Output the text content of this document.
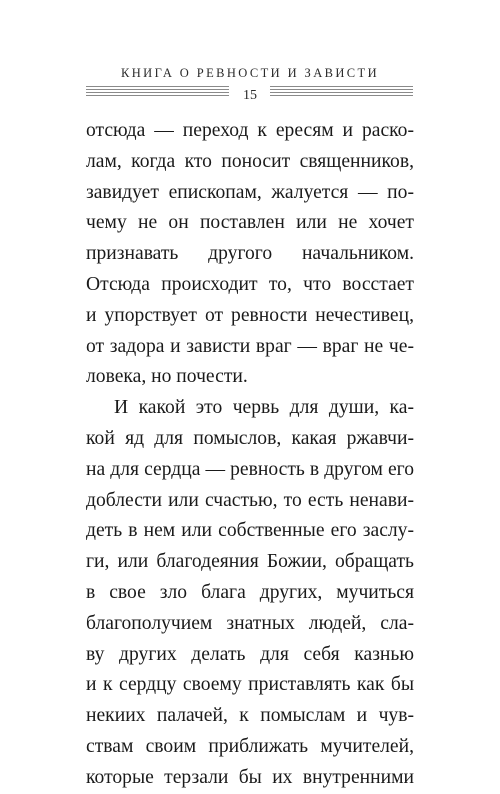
КНИГА О РЕВНОСТИ И ЗАВИСТИ
15
отсюда — переход к ересям и раско-
лам, когда кто поносит священников,
завидует епископам, жалуется — по-
чему не он поставлен или не хочет
признавать другого начальником.
Отсюда происходит то, что восстает
и упорствует от ревности нечестивец,
от задора и зависти враг — враг не че-
ловека, но почести.
И какой это червь для души, ка-
кой яд для помыслов, какая ржавчи-
на для сердца — ревность в другом его
доблести или счастью, то есть ненави-
деть в нем или собственные его заслу-
ги, или благодеяния Божии, обращать
в свое зло блага других, мучиться
благополучием знатных людей, сла-
ву других делать для себя казнью
и к сердцу своему приставлять как бы
некиих палачей, к помыслам и чув-
ствам своим приближать мучителей,
которые терзали бы их внутренними
